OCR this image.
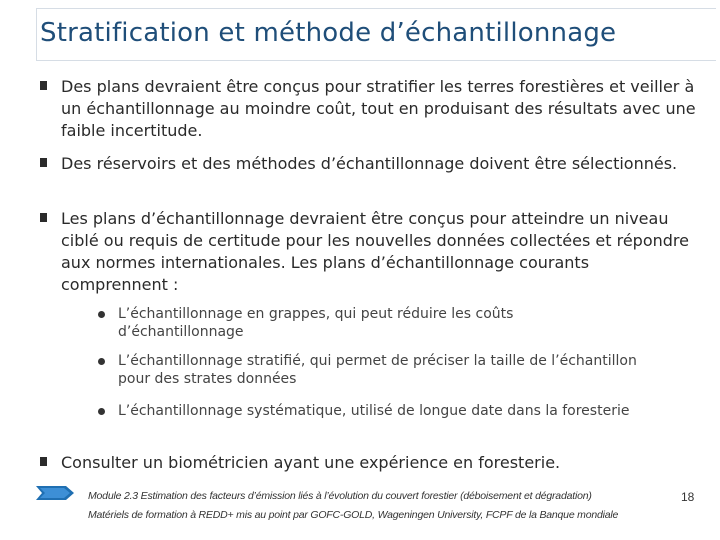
Stratification et méthode d’échantillonnage
Des plans devraient être conçus pour stratifier les terres forestières et veiller à un échantillonnage au moindre coût, tout en produisant des résultats avec une faible incertitude.
Des réservoirs et des méthodes d’échantillonnage doivent être sélectionnés.
Les plans d’échantillonnage devraient être conçus pour atteindre un niveau ciblé ou requis de certitude pour les nouvelles données collectées et répondre aux normes internationales. Les plans d’échantillonnage courants comprennent :
L’échantillonnage en grappes, qui peut réduire les coûts d’échantillonnage
L’échantillonnage stratifié, qui permet de préciser la taille de l’échantillon pour des strates données
L’échantillonnage systématique, utilisé de longue date dans la foresterie
Consulter un biométricien ayant une expérience en foresterie.
Module 2.3 Estimation des facteurs d’émission liés à l’évolution du couvert forestier (déboisement et dégradation)
Matériels de formation à REDD+ mis au point par GOFC-GOLD, Wageningen University, FCPF de la Banque mondiale
18
